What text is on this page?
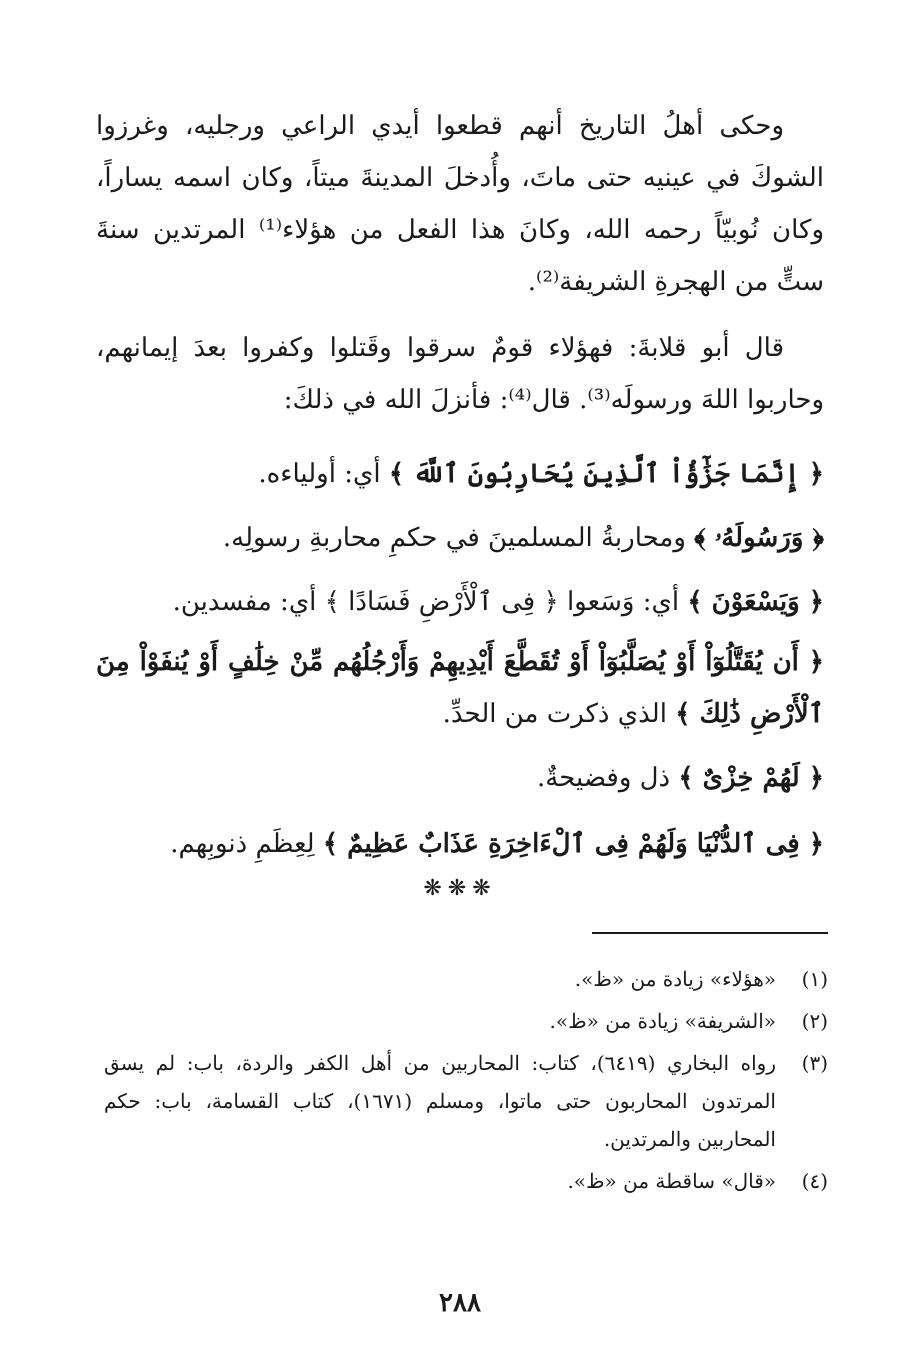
وحكى أهلُ التاريخ أنهم قطعوا أيدي الراعي ورجليه، وغرزوا الشوكَ في عينيه حتى ماتَ، وأُدخلَ المدينةَ ميتاً، وكان اسمه يساراً، وكان نُوبيّاً رحمه الله، وكانَ هذا الفعل من هؤلاء⁽¹⁾ المرتدين سنةَ ستٍّ من الهجرةِ الشريفة⁽²⁾.

قال أبو قلابةَ: فهؤلاء قومٌ سرقوا وقَتلوا وكفروا بعدَ إيمانهم، وحاربوا اللهَ ورسولَه⁽³⁾. قال⁽⁴⁾: فأنزلَ الله في ذلكَ:

﴿ إِنَّمَا جَزَٰٓؤُاْ ٱلَّذِينَ يُحَارِبُونَ ٱللَّهَ ﴾ أي: أولياءه.
﴿ وَرَسُولَهُۥ ﴾ ومحاربةُ المسلمينَ في حكمِ محاربةِ رسولِه.
﴿ وَيَسْعَوْنَ ﴾ أي: وَسَعوا ﴿ فِى ٱلْأَرْضِ فَسَادًا ﴾ أي: مفسدين.
﴿ أَن يُقَتَّلُوٓاْ أَوْ يُصَلَّبُوٓاْ أَوْ تُقَطَّعَ أَيْدِيهِمْ وَأَرْجُلُهُم مِّنْ خِلَٰفٍ أَوْ يُنفَوْاْ مِنَ ٱلْأَرْضِ ذَٰلِكَ ﴾ الذي ذكرت من الحدِّ.
﴿ لَهُمْ خِزْىٌ ﴾ ذل وفضيحةٌ.
﴿ فِى ٱلدُّنْيَا وَلَهُمْ فِى ٱلْءَاخِرَةِ عَذَابٌ عَظِيمٌ ﴾ لِعِظَمِ ذنوبِهم.
❋❋❋
(١)
«هؤلاء» زيادة من «ظ».
(٢)
«الشريفة» زيادة من «ظ».
(٣)
رواه البخاري (٦٤١٩)، كتاب: المحاربين من أهل الكفر والردة، باب: لم يسق المرتدون المحاربون حتى ماتوا، ومسلم (١٦٧١)، كتاب القسامة، باب: حكم المحاربين والمرتدين.
(٤)
«قال» ساقطة من «ظ».
٢٨٨
